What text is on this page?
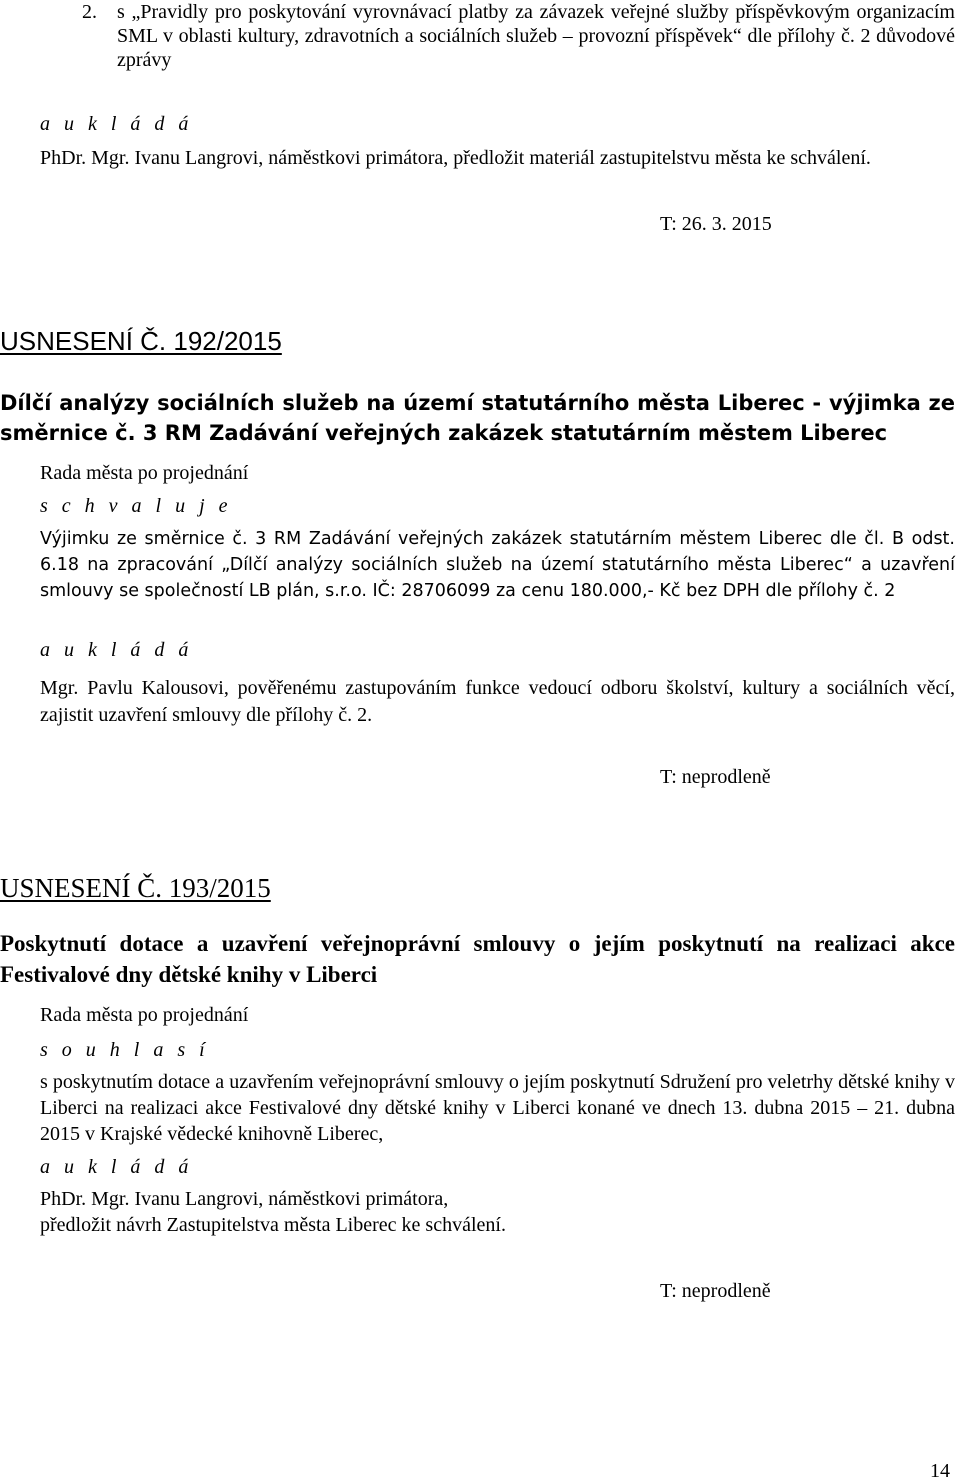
2. s „Pravidly pro poskytování vyrovnávací platby za závazek veřejné služby příspěvkovým organizacím SML v oblasti kultury, zdravotních a sociálních služeb – provozní příspěvek“ dle přílohy č. 2 důvodové zprávy
a u k l á d á
PhDr. Mgr. Ivanu Langrovi, náměstkovi primátora, předložit materiál zastupitelstvu města ke schválení.
T: 26. 3. 2015
USNESENÍ Č. 192/2015
Dílčí analýzy sociálních služeb na území statutárního města Liberec - výjimka ze směrnice č. 3 RM Zadávání veřejných zakázek statutárním městem Liberec
Rada města po projednání
s c h v a l u j e
Výjimku ze směrnice č. 3 RM Zadávání veřejných zakázek statutárním městem Liberec dle čl. B odst. 6.18 na zpracování „Dílčí analýzy sociálních služeb na území statutárního města Liberec“ a uzavření smlouvy se společností LB plán, s.r.o. IČ: 28706099 za cenu 180.000,- Kč bez DPH dle přílohy č. 2
a u k l á d á
Mgr. Pavlu Kalousovi, pověřenému zastupováním funkce vedoucí odboru školství, kultury a sociálních věcí, zajistit uzavření smlouvy dle přílohy č. 2.
T: neprodleně
USNESENÍ Č. 193/2015
Poskytnutí dotace a uzavření veřejnoprávní smlouvy o jejím poskytnutí na realizaci akce Festivalové dny dětské knihy v Liberci
Rada města po projednání
s o u h l a s í
s poskytnutím dotace a uzavřením veřejnoprávní smlouvy o jejím poskytnutí Sdružení pro veletrhy dětské knihy v Liberci na realizaci akce Festivalové dny dětské knihy v Liberci konané ve dnech 13. dubna 2015 – 21. dubna 2015 v Krajské vědecké knihovně Liberec,
a u k l á d á
PhDr. Mgr. Ivanu Langrovi, náměstkovi primátora,
předložit návrh Zastupitelstva města Liberec ke schválení.
T: neprodleně
14
